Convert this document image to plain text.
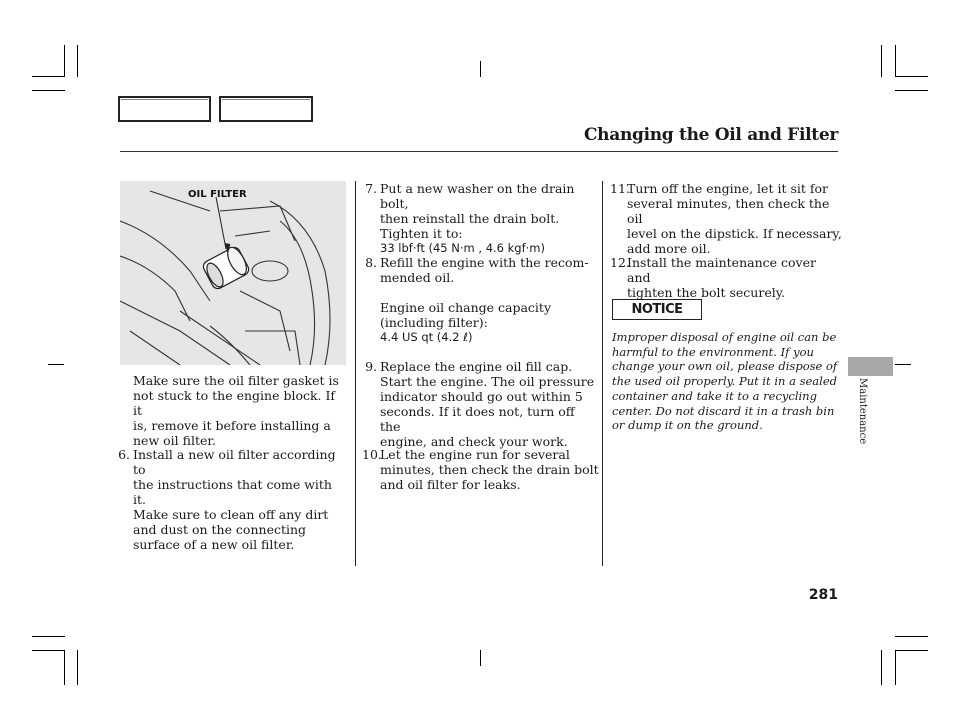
Changing the Oil and Filter
OIL FILTER
Make sure the oil filter gasket is
not stuck to the engine block. If it
is, remove it before installing a
new oil filter.
6. Install a new oil filter according to
the instructions that come with it.
Make sure to clean off any dirt
and dust on the connecting
surface of a new oil filter.
7. Put a new washer on the drain bolt,
then reinstall the drain bolt.
Tighten it to:
33 lbf·ft (45 N·m , 4.6 kgf·m)
8. Refill the engine with the recom-
mended oil.
Engine oil change capacity
(including filter):
4.4 US qt (4.2 ℓ)
9. Replace the engine oil fill cap.
Start the engine. The oil pressure
indicator should go out within 5
seconds. If it does not, turn off the
engine, and check your work.
10.
Let the engine run for several
minutes, then check the drain bolt
and oil filter for leaks.
11.
Turn off the engine, let it sit for
several minutes, then check the oil
level on the dipstick. If necessary,
add more oil.
12.
Install the maintenance cover and
tighten the bolt securely.
NOTICE
Improper disposal of engine oil can be
harmful to the environment. If you
change your own oil, please dispose of
the used oil properly. Put it in a sealed
container and take it to a recycling
center. Do not discard it in a trash bin
or dump it on the ground.	Maintenance
281
